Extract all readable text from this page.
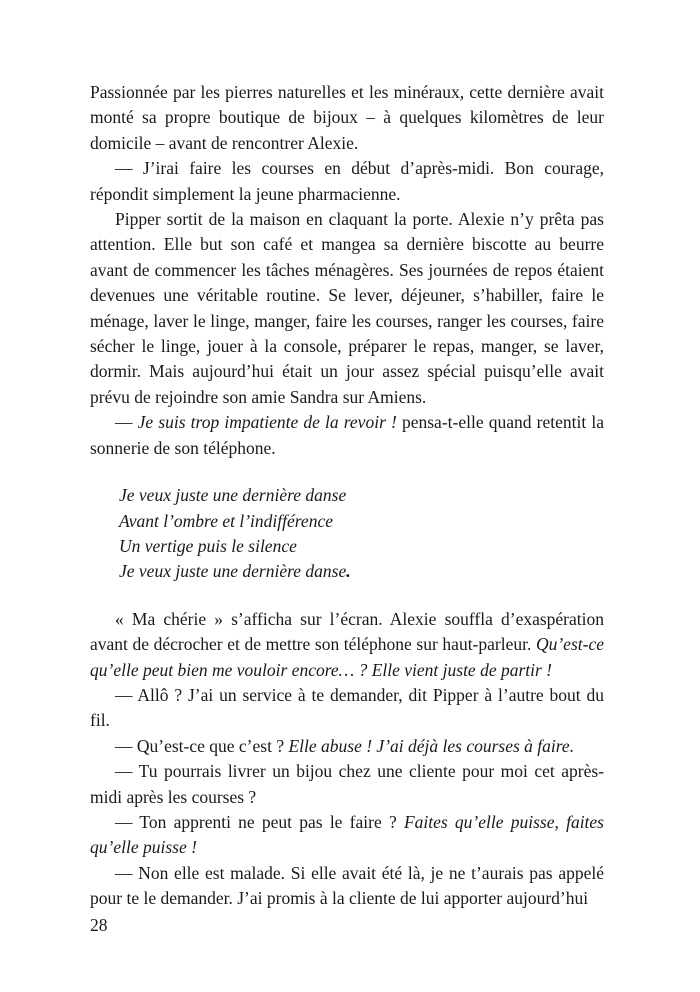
Passionnée par les pierres naturelles et les minéraux, cette dernière avait monté sa propre boutique de bijoux – à quelques kilomètres de leur domicile – avant de rencontrer Alexie.

— J’irai faire les courses en début d’après-midi. Bon courage, répondit simplement la jeune pharmacienne.

Pipper sortit de la maison en claquant la porte. Alexie n’y prêta pas attention. Elle but son café et mangea sa dernière biscotte au beurre avant de commencer les tâches ménagères. Ses journées de repos étaient devenues une véritable routine. Se lever, déjeuner, s’habiller, faire le ménage, laver le linge, manger, faire les courses, ranger les courses, faire sécher le linge, jouer à la console, préparer le repas, manger, se laver, dormir. Mais aujourd’hui était un jour assez spécial puisqu’elle avait prévu de rejoindre son amie Sandra sur Amiens.

— Je suis trop impatiente de la revoir ! pensa-t-elle quand retentit la sonnerie de son téléphone.

Je veux juste une dernière danse
Avant l’ombre et l’indifférence
Un vertige puis le silence
Je veux juste une dernière danse.

« Ma chérie » s’afficha sur l’écran. Alexie souffla d’exaspération avant de décrocher et de mettre son téléphone sur haut-parleur. Qu’est-ce qu’elle peut bien me vouloir encore… ? Elle vient juste de partir !

— Allô ? J’ai un service à te demander, dit Pipper à l’autre bout du fil.

— Qu’est-ce que c’est ? Elle abuse ! J’ai déjà les courses à faire.

— Tu pourrais livrer un bijou chez une cliente pour moi cet après-midi après les courses ?

— Ton apprenti ne peut pas le faire ? Faites qu’elle puisse, faites qu’elle puisse !

— Non elle est malade. Si elle avait été là, je ne t’aurais pas appelé pour te le demander. J’ai promis à la cliente de lui apporter aujourd’hui

28
